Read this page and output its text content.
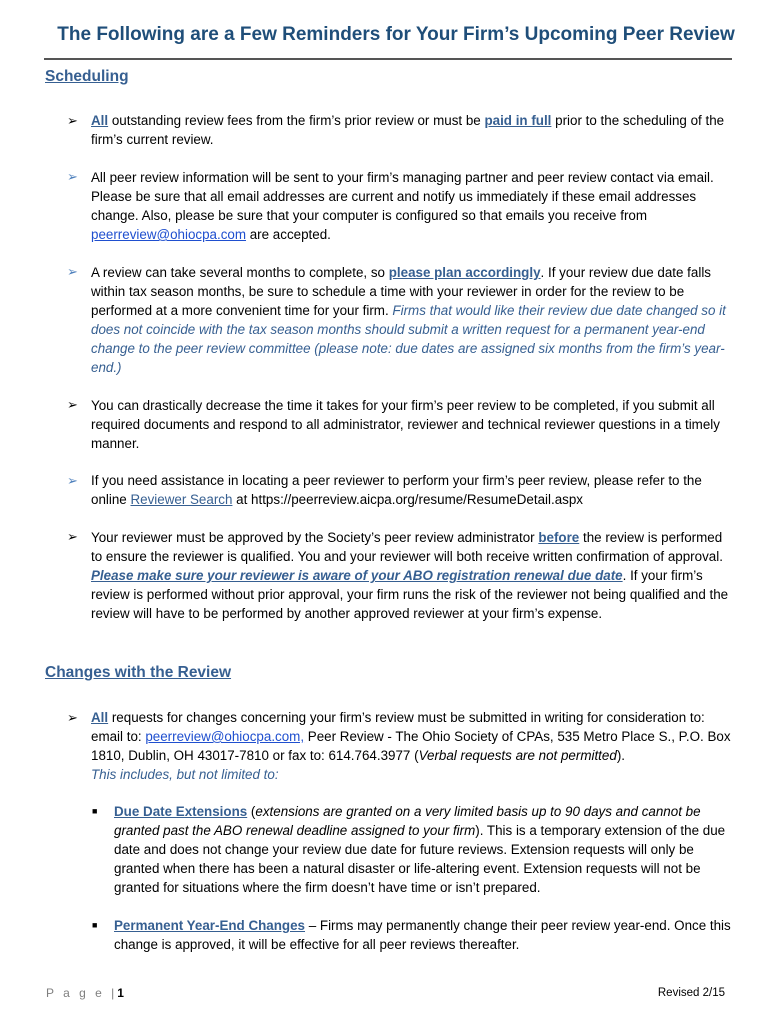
The Following are a Few Reminders for Your Firm’s Upcoming Peer Review
Scheduling
➢ All outstanding review fees from the firm’s prior review or must be paid in full prior to the scheduling of the firm’s current review.
➢ All peer review information will be sent to your firm’s managing partner and peer review contact via email. Please be sure that all email addresses are current and notify us immediately if these email addresses change. Also, please be sure that your computer is configured so that emails you receive from peerreview@ohiocpa.com are accepted.
➢ A review can take several months to complete, so please plan accordingly. If your review due date falls within tax season months, be sure to schedule a time with your reviewer in order for the review to be performed at a more convenient time for your firm. Firms that would like their review due date changed so it does not coincide with the tax season months should submit a written request for a permanent year-end change to the peer review committee (please note: due dates are assigned six months from the firm’s year-end.)
➢ You can drastically decrease the time it takes for your firm’s peer review to be completed, if you submit all required documents and respond to all administrator, reviewer and technical reviewer questions in a timely manner.
➢ If you need assistance in locating a peer reviewer to perform your firm’s peer review, please refer to the online Reviewer Search at https://peerreview.aicpa.org/resume/ResumeDetail.aspx
➢ Your reviewer must be approved by the Society’s peer review administrator before the review is performed to ensure the reviewer is qualified. You and your reviewer will both receive written confirmation of approval. Please make sure your reviewer is aware of your ABO registration renewal due date. If your firm’s review is performed without prior approval, your firm runs the risk of the reviewer not being qualified and the review will have to be performed by another approved reviewer at your firm’s expense.
Changes with the Review
➢ All requests for changes concerning your firm’s review must be submitted in writing for consideration to: email to: peerreview@ohiocpa.com, Peer Review - The Ohio Society of CPAs, 535 Metro Place S., P.O. Box 1810, Dublin, OH 43017-7810 or fax to: 614.764.3977 (Verbal requests are not permitted).
This includes, but not limited to:
■ Due Date Extensions (extensions are granted on a very limited basis up to 90 days and cannot be granted past the ABO renewal deadline assigned to your firm). This is a temporary extension of the due date and does not change your review due date for future reviews. Extension requests will only be granted when there has been a natural disaster or life-altering event. Extension requests will not be granted for situations where the firm doesn’t have time or isn’t prepared.
■ Permanent Year-End Changes – Firms may permanently change their peer review year-end. Once this change is approved, it will be effective for all peer reviews thereafter.
P a g e |1	Revised 2/15
